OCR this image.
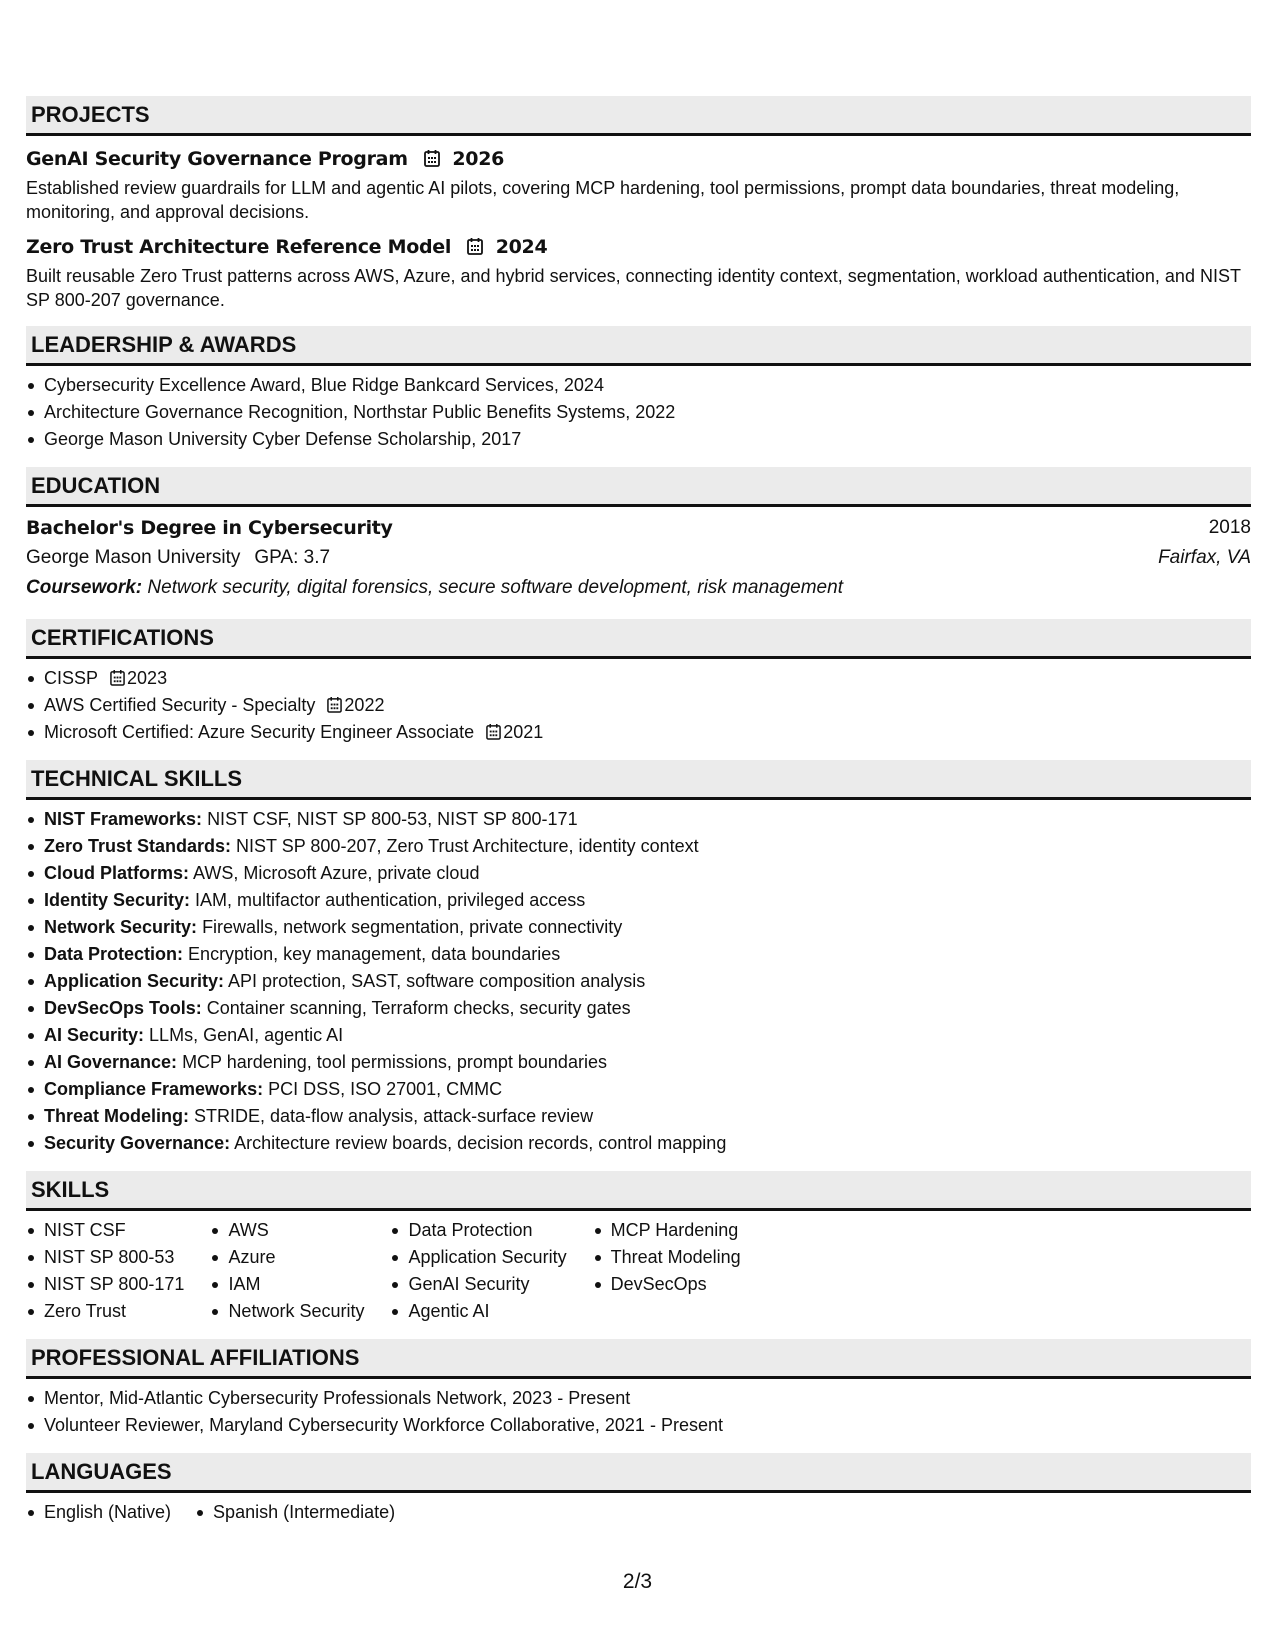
PROJECTS
GenAI Security Governance Program 2026
Established review guardrails for LLM and agentic AI pilots, covering MCP hardening, tool permissions, prompt data boundaries, threat modeling, monitoring, and approval decisions.
Zero Trust Architecture Reference Model 2024
Built reusable Zero Trust patterns across AWS, Azure, and hybrid services, connecting identity context, segmentation, workload authentication, and NIST SP 800-207 governance.
LEADERSHIP & AWARDS
Cybersecurity Excellence Award, Blue Ridge Bankcard Services, 2024
Architecture Governance Recognition, Northstar Public Benefits Systems, 2022
George Mason University Cyber Defense Scholarship, 2017
EDUCATION
Bachelor's Degree in Cybersecurity	2018
George Mason University GPA: 3.7	Fairfax, VA
Coursework:
Network security, digital forensics, secure software development, risk management
CERTIFICATIONS
CISSP 2023
AWS Certified Security - Specialty 2022
Microsoft Certified: Azure Security Engineer Associate 2021
TECHNICAL SKILLS
NIST Frameworks: NIST CSF, NIST SP 800-53, NIST SP 800-171
Zero Trust Standards: NIST SP 800-207, Zero Trust Architecture, identity context
Cloud Platforms: AWS, Microsoft Azure, private cloud
Identity Security: IAM, multifactor authentication, privileged access
Network Security: Firewalls, network segmentation, private connectivity
Data Protection: Encryption, key management, data boundaries
Application Security: API protection, SAST, software composition analysis
DevSecOps Tools: Container scanning, Terraform checks, security gates
AI Security: LLMs, GenAI, agentic AI
AI Governance: MCP hardening, tool permissions, prompt boundaries
Compliance Frameworks: PCI DSS, ISO 27001, CMMC
Threat Modeling: STRIDE, data-flow analysis, attack-surface review
Security Governance: Architecture review boards, decision records, control mapping
SKILLS
NIST CSF
NIST SP 800-53
NIST SP 800-171
Zero Trust
AWS
Azure
IAM
Network Security
Data Protection
Application Security
GenAI Security
Agentic AI
MCP Hardening
Threat Modeling
DevSecOps
PROFESSIONAL AFFILIATIONS
Mentor, Mid-Atlantic Cybersecurity Professionals Network, 2023 - Present
Volunteer Reviewer, Maryland Cybersecurity Workforce Collaborative, 2021 - Present
LANGUAGES
English (Native) Spanish (Intermediate)
2/3
